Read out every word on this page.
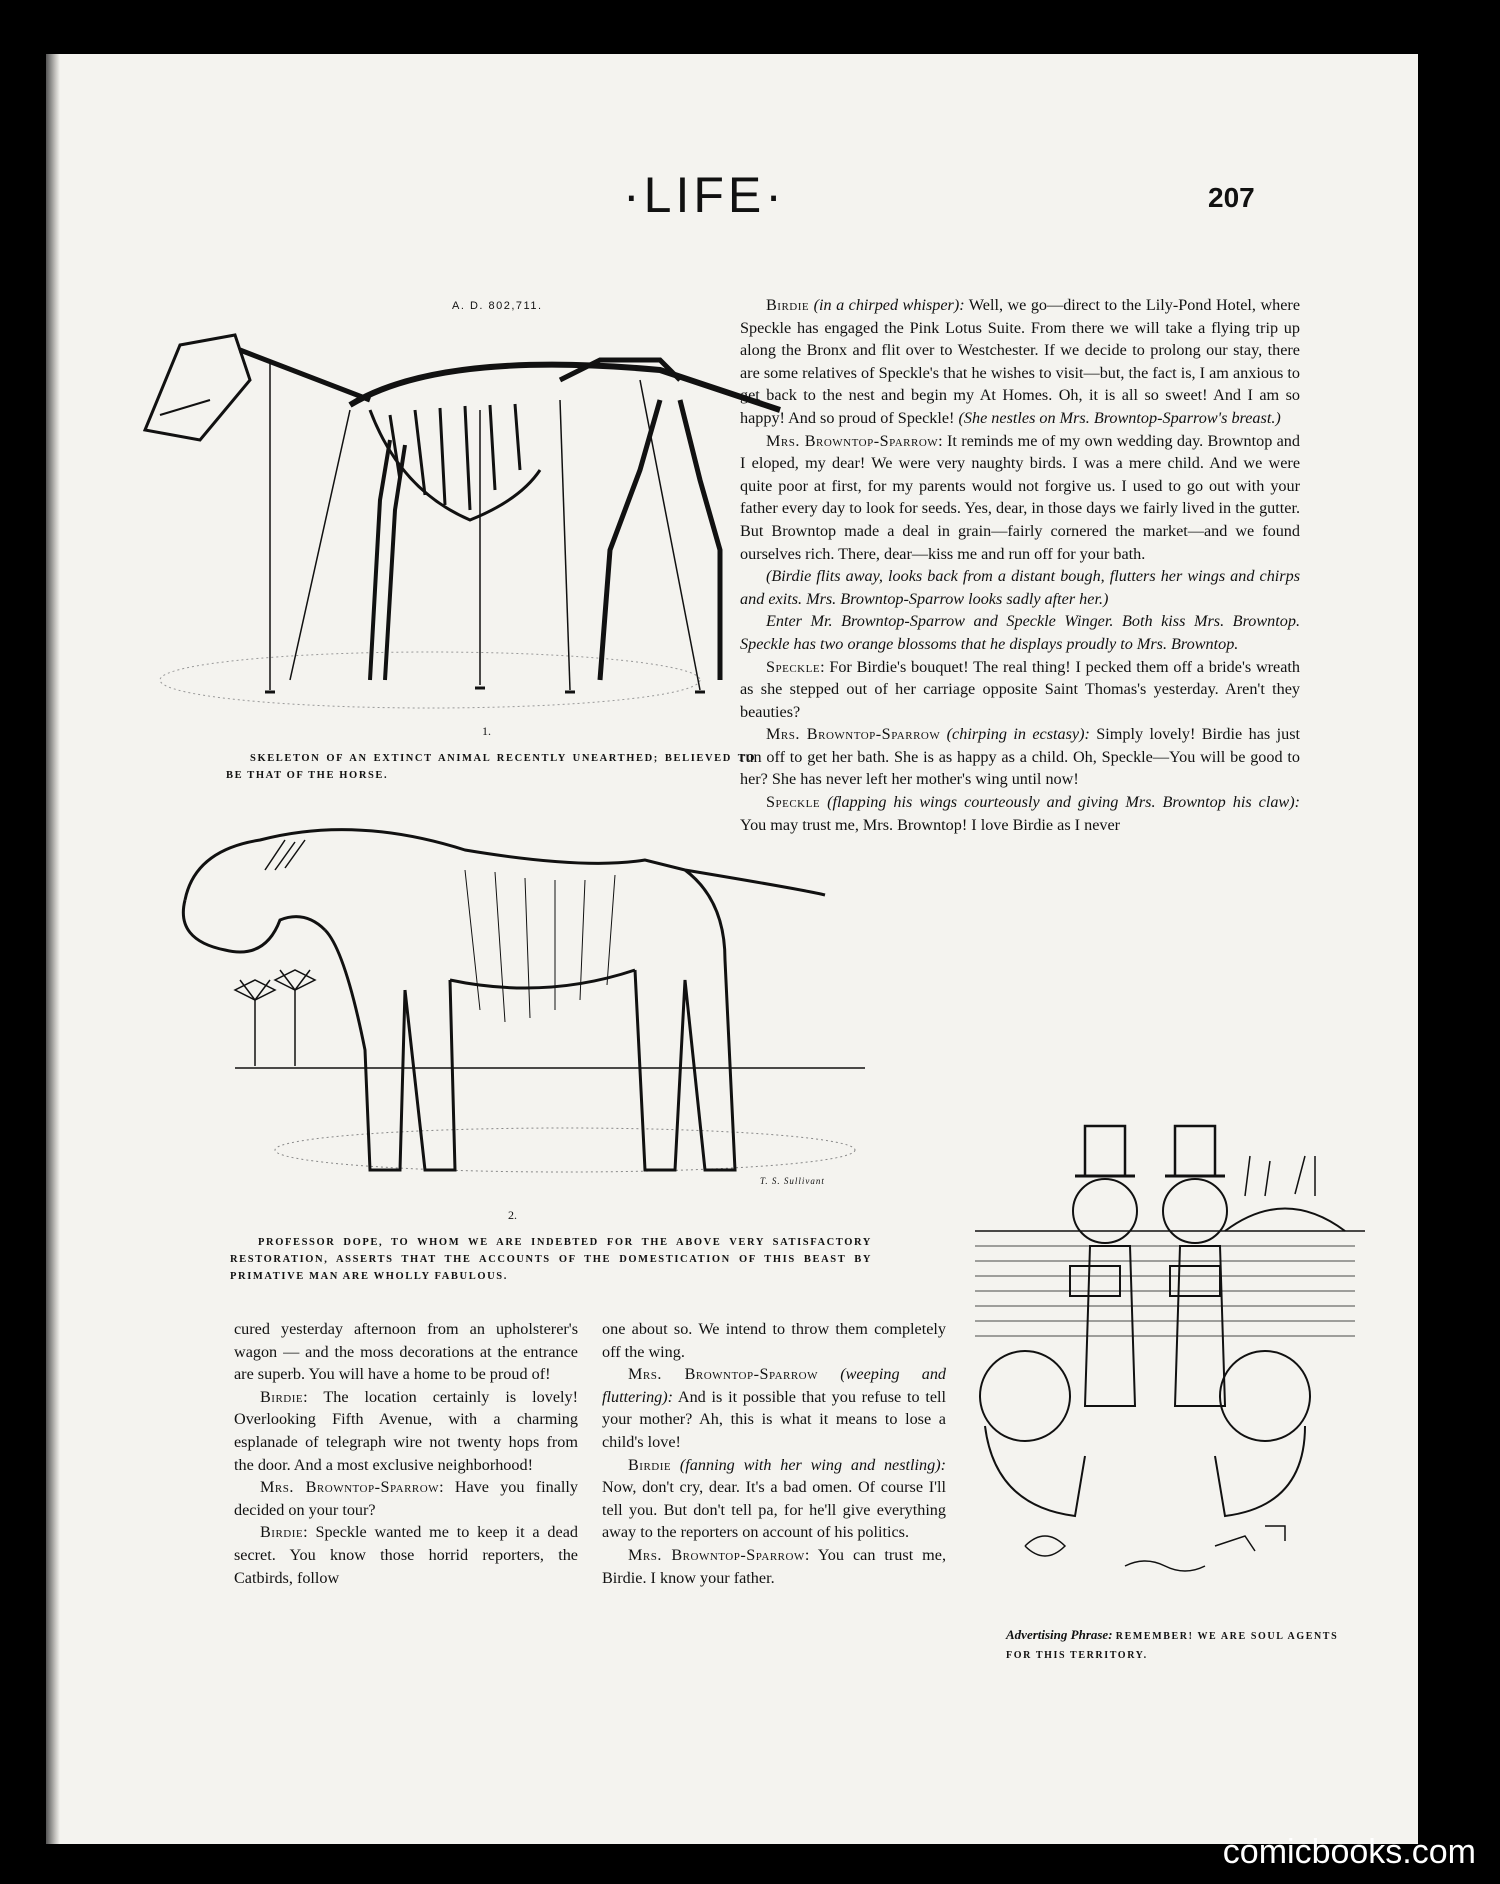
·LIFE·	207
A. D. 802,711.
1.
SKELETON OF AN EXTINCT ANIMAL RECENTLY UNEARTHED; BELIEVED TO BE THAT OF THE HORSE.
T. S. Sullivant
2.
PROFESSOR DOPE, TO WHOM WE ARE INDEBTED FOR THE ABOVE VERY SATISFACTORY RESTORATION, ASSERTS THAT THE ACCOUNTS OF THE DOMESTICATION OF THIS BEAST BY PRIMATIVE MAN ARE WHOLLY FABULOUS.
Advertising Phrase: REMEMBER! WE ARE SOUL AGENTS FOR THIS TERRITORY.

Birdie (in a chirped whisper): Well, we go—direct to the Lily-Pond Hotel, where Speckle has engaged the Pink Lotus Suite. From there we will take a flying trip up along the Bronx and flit over to Westchester. If we decide to prolong our stay, there are some relatives of Speckle's that he wishes to visit—but, the fact is, I am anxious to get back to the nest and begin my At Homes. Oh, it is all so sweet! And I am so happy! And so proud of Speckle! (She nestles on Mrs. Browntop-Sparrow's breast.)

Mrs. Browntop-Sparrow: It reminds me of my own wedding day. Browntop and I eloped, my dear! We were very naughty birds. I was a mere child. And we were quite poor at first, for my parents would not forgive us. I used to go out with your father every day to look for seeds. Yes, dear, in those days we fairly lived in the gutter. But Browntop made a deal in grain—fairly cornered the market—and we found ourselves rich. There, dear—kiss me and run off for your bath.

(Birdie flits away, looks back from a distant bough, flutters her wings and chirps and exits. Mrs. Browntop-Sparrow looks sadly after her.)

Enter Mr. Browntop-Sparrow and Speckle Winger. Both kiss Mrs. Browntop. Speckle has two orange blossoms that he displays proudly to Mrs. Browntop.

Speckle: For Birdie's bouquet! The real thing! I pecked them off a bride's wreath as she stepped out of her carriage opposite Saint Thomas's yesterday. Aren't they beauties?

Mrs. Browntop-Sparrow (chirping in ecstasy): Simply lovely! Birdie has just run off to get her bath. She is as happy as a child. Oh, Speckle—You will be good to her? She has never left her mother's wing until now!

Speckle (flapping his wings courteously and giving Mrs. Browntop his claw): You may trust me, Mrs. Browntop! I love Birdie as I never

cured yesterday afternoon from an upholsterer's wagon — and the moss decorations at the entrance are superb. You will have a home to be proud of!

Birdie: The location certainly is lovely! Overlooking Fifth Avenue, with a charming esplanade of telegraph wire not twenty hops from the door. And a most exclusive neighborhood!

Mrs. Browntop-Sparrow: Have you finally decided on your tour?

Birdie: Speckle wanted me to keep it a dead secret. You know those horrid reporters, the Catbirds, follow

one about so. We intend to throw them completely off the wing.

Mrs. Browntop-Sparrow (weeping and fluttering): And is it possible that you refuse to tell your mother? Ah, this is what it means to lose a child's love!

Birdie (fanning with her wing and nestling): Now, don't cry, dear. It's a bad omen. Of course I'll tell you. But don't tell pa, for he'll give everything away to the reporters on account of his politics.

Mrs. Browntop-Sparrow: You can trust me, Birdie. I know your father.

comicbooks.com
